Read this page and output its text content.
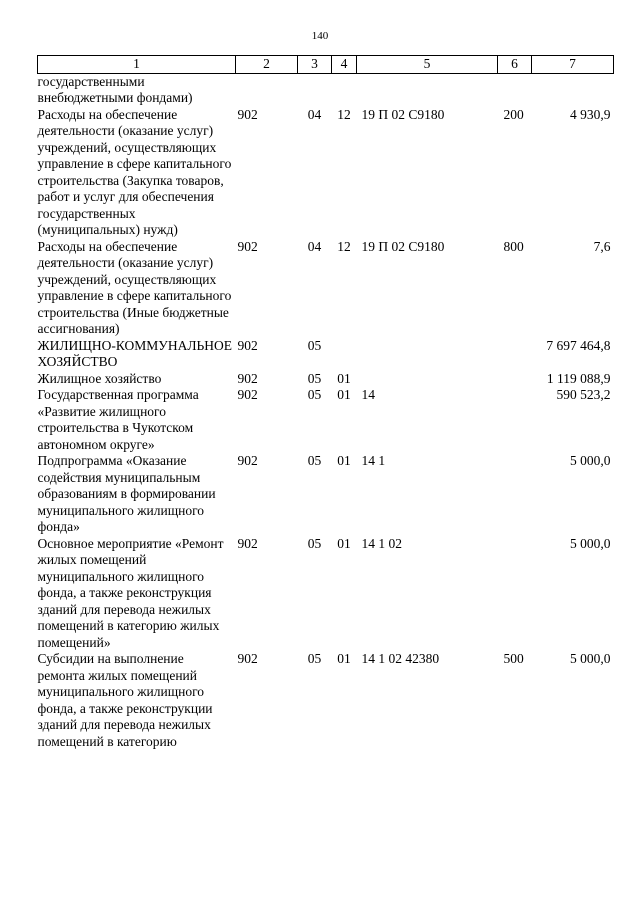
140
1	2	3	4	5	6	7
государственными внебюджетными фондами)						
Расходы на обеспечение деятельности (оказание услуг) учреждений, осуществляющих управление в сфере капитального строительства (Закупка товаров, работ и услуг для обеспечения государственных (муниципальных) нужд)	902	04	12	19 П 02 С9180	200	4 930,9
Расходы на обеспечение деятельности (оказание услуг) учреждений, осуществляющих управление в сфере капитального строительства (Иные бюджетные ассигнования)	902	04	12	19 П 02 С9180	800	7,6
ЖИЛИЩНО-КОММУНАЛЬНОЕ ХОЗЯЙСТВО	902	05				7 697 464,8
Жилищное хозяйство	902	05	01			1 119 088,9
Государственная программа «Развитие жилищного строительства в Чукотском автономном округе»	902	05	01	14		590 523,2
Подпрограмма «Оказание содействия муниципальным образованиям в формировании муниципального жилищного фонда»	902	05	01	14 1		5 000,0
Основное мероприятие «Ремонт жилых помещений муниципального жилищного фонда, а также реконструкция зданий для перевода нежилых помещений в категорию жилых помещений»	902	05	01	14 1 02		5 000,0
Субсидии на выполнение ремонта жилых помещений муниципального жилищного фонда, а также реконструкции зданий для перевода нежилых помещений в категорию	902	05	01	14 1 02 42380	500	5 000,0
